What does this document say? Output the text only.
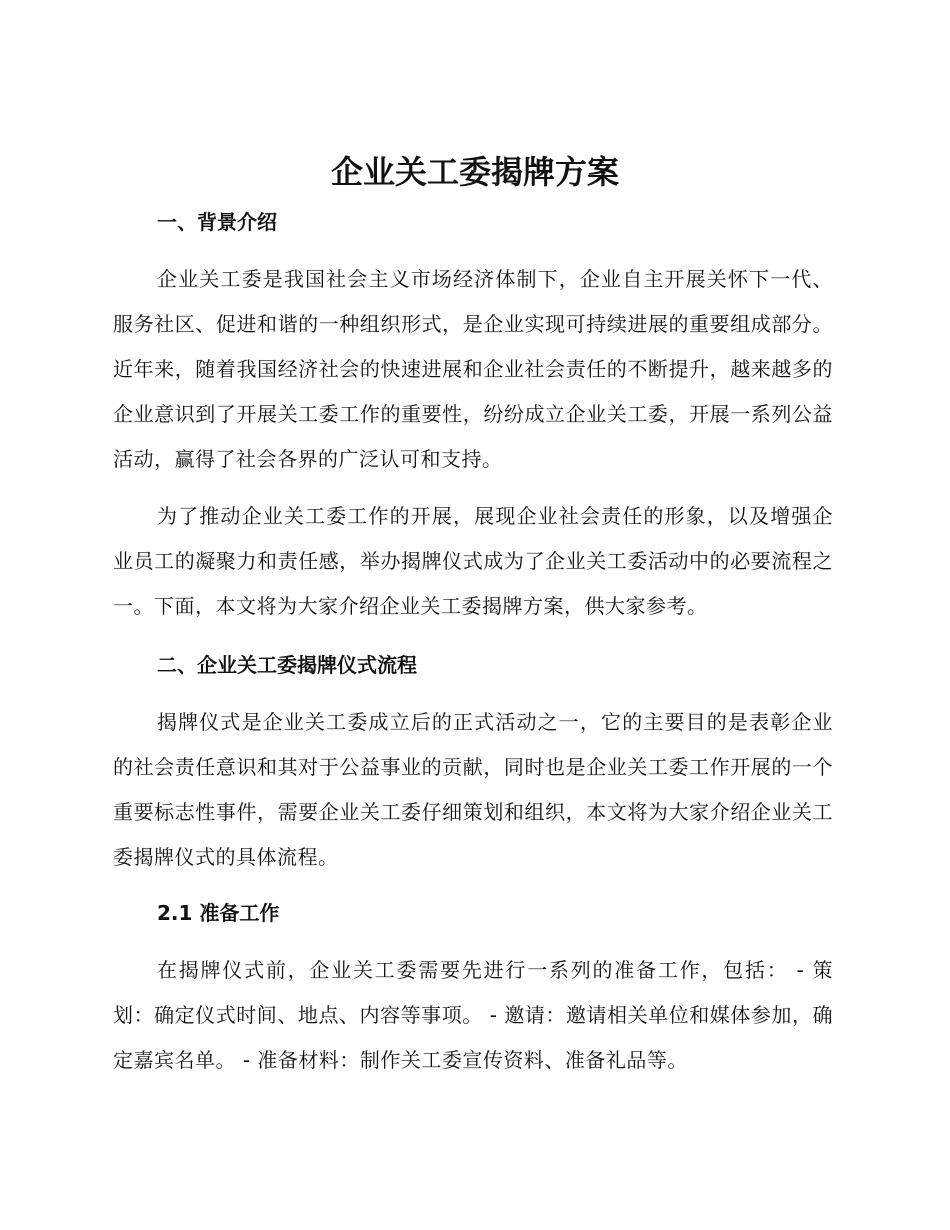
企业关工委揭牌方案
一、背景介绍

企业关工委是我国社会主义市场经济体制下，企业自主开展关怀下一代、服务社区、促进和谐的一种组织形式，是企业实现可持续进展的重要组成部分。近年来，随着我国经济社会的快速进展和企业社会责任的不断提升，越来越多的企业意识到了开展关工委工作的重要性，纷纷成立企业关工委，开展一系列公益活动，赢得了社会各界的广泛认可和支持。

为了推动企业关工委工作的开展，展现企业社会责任的形象，以及增强企业员工的凝聚力和责任感，举办揭牌仪式成为了企业关工委活动中的必要流程之一。下面，本文将为大家介绍企业关工委揭牌方案，供大家参考。

二、企业关工委揭牌仪式流程

揭牌仪式是企业关工委成立后的正式活动之一，它的主要目的是表彰企业的社会责任意识和其对于公益事业的贡献，同时也是企业关工委工作开展的一个重要标志性事件，需要企业关工委仔细策划和组织，本文将为大家介绍企业关工委揭牌仪式的具体流程。

2.1 准备工作

在揭牌仪式前，企业关工委需要先进行一系列的准备工作，包括： - 策划：确定仪式时间、地点、内容等事项。 - 邀请：邀请相关单位和媒体参加，确定嘉宾名单。 - 准备材料：制作关工委宣传资料、准备礼品等。
